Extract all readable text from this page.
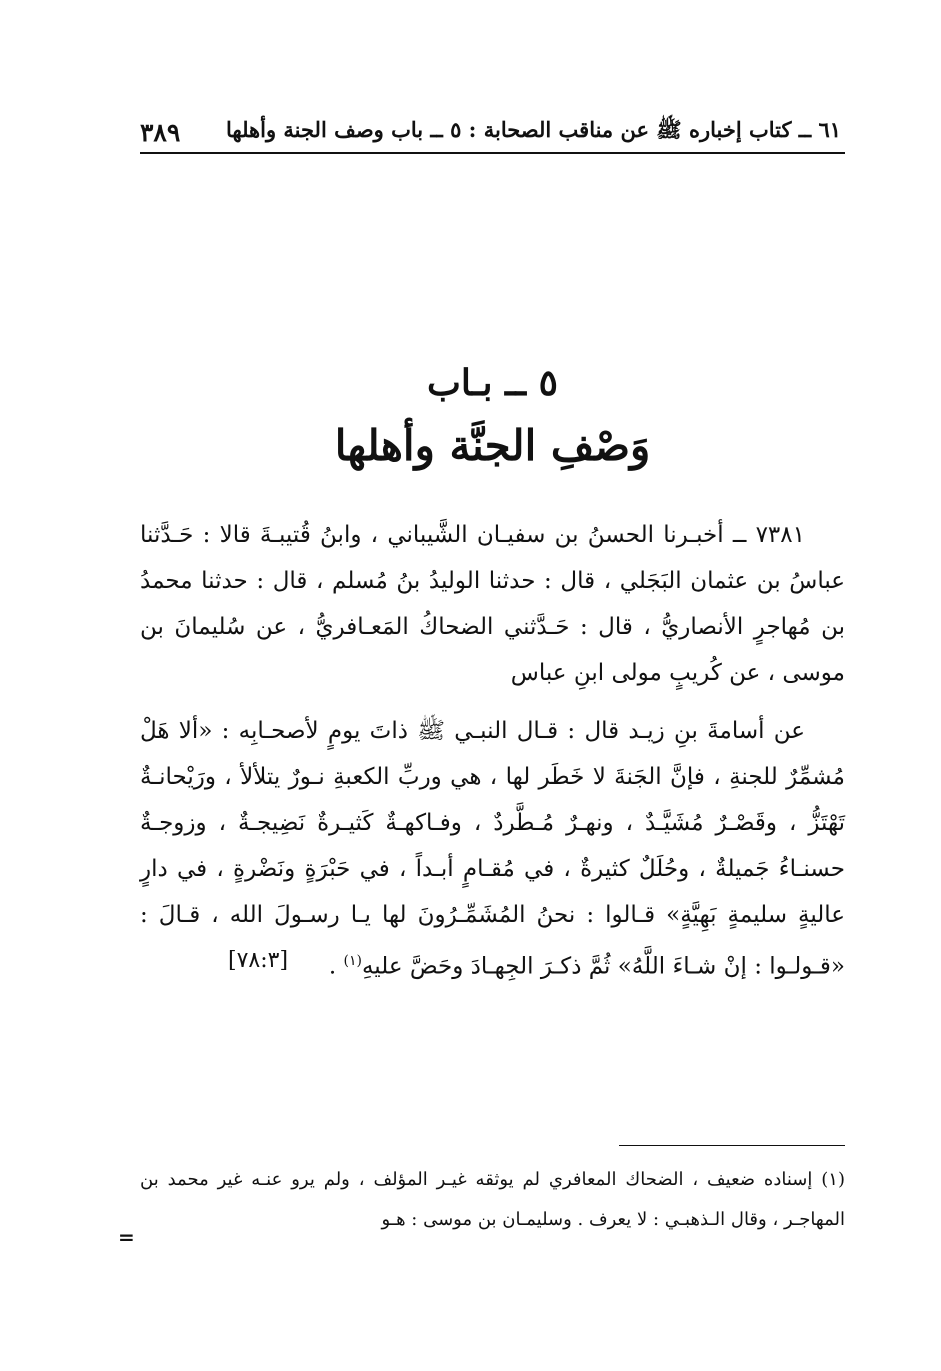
٦١ ــ كتاب إخباره ﷺ عن مناقب الصحابة : ٥ ــ باب وصف الجنة وأهلها
٣٨٩
٥ ــ بـاب
وَصْفِ الجنَّة وأهلها

٧٣٨١ ــ أخبـرنا الحسنُ بن سفيـان الشَّيباني ، وابنُ قُتيبـةَ قالا : حَـدَّثنا عباسُ بن عثمان البَجَلي ، قال : حدثنا الوليدُ بنُ مُسلم ، قال : حدثنا محمدُ بن مُهاجرٍ الأنصاريُّ ، قال : حَـدَّثني الضحاكُ المَعـافريُّ ، عن سُليمانَ بن موسى ، عن كُريبٍ مولى ابنِ عباس

عن أسامةَ بنِ زيـد قال : قـال النبـي ﷺ ذاتَ يومٍ لأصحـابِه : «ألا هَلْ مُشمِّرٌ للجنةِ ، فإنَّ الجَنةَ لا خَطَر لها ، هي وربِّ الكعبةِ نـورٌ يتلألأ ، ورَيْحانـةٌ تَهْتَزُّ ، وقَصْـرٌ مُشَيَّـدٌ ، ونهـرٌ مُـطَّردٌ ، وفـاكهـةٌ كَثيـرةٌ نَضِيجـةٌ ، وزوجـةٌ حسنـاءُ جَميلةٌ ، وحُلَلٌ كثيرةٌ ، في مُقـامٍ أبـداً ، في حَبْرَةٍ ونَضْرةٍ ، في دارٍ عاليةٍ سليمةٍ بَهِيَّةٍ» قـالوا : نحنُ المُشَمِّـرُونَ لها يـا رسـولَ الله ، قـالَ : «قـولـوا : إنْ شـاءَ اللَّهُ» ثُمَّ ذكـرَ الجِهـادَ وحَضَّ عليهِ$^{(١)}$ .
[٧٨:٣]

(١) إسناده ضعيف ، الضحاك المعافري لم يوثقه غيـر المؤلف ، ولم يرو عنـه غير محمد بن المهاجـر ، وقال الـذهبـي : لا يعرف . وسليمـان بن موسى : هـو

=
